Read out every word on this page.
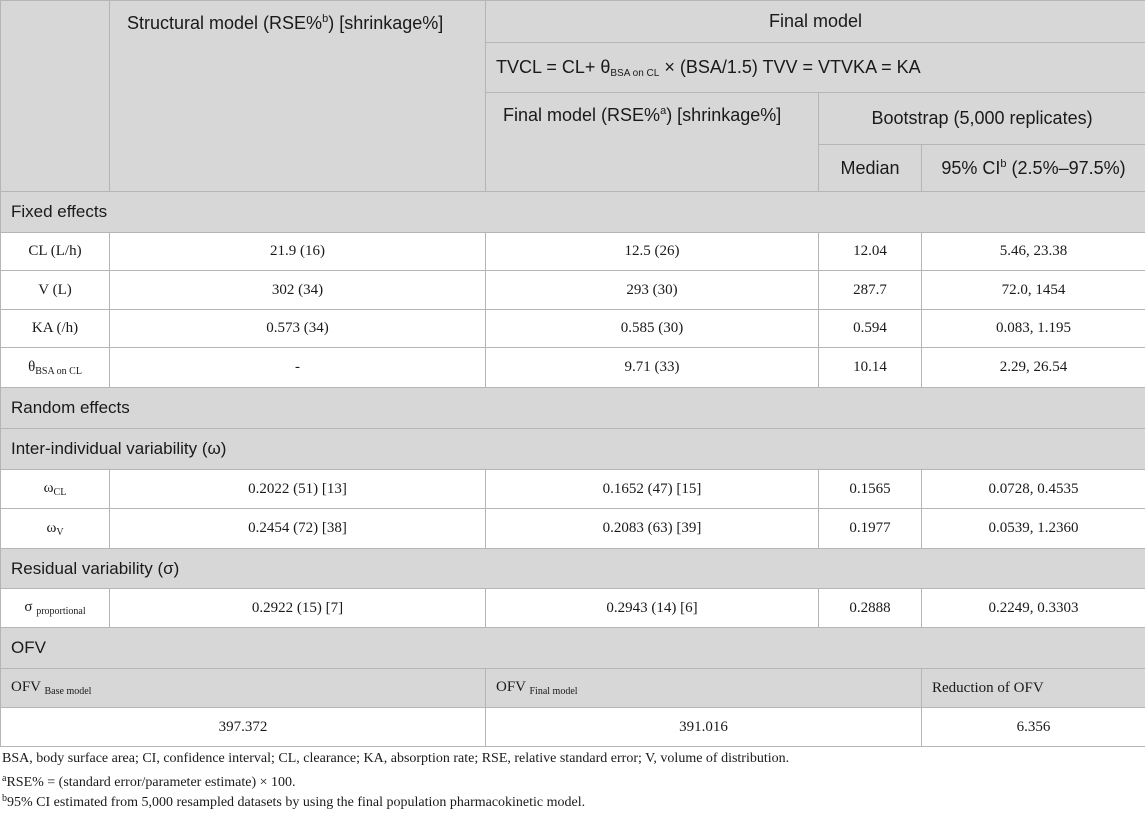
	Structural model (RSE%$^b$) [shrinkage%]	Final model		
		TVCL = $CL+ \theta_{BSA on CL} \times (BSA/1.5)$ TVV = VTVKA = KA		
		Final model (RSE%$^a$) [shrinkage%]	Bootstrap (5,000 replicates)	
			Median	95% $CI^b$ (2.5%–97.5%)
Fixed effects				
CL (L/h)	21.9 (16)	12.5 (26)	12.04	5.46, 23.38
V (L)	302 (34)	293 (30)	287.7	72.0, 1454
KA (/h)	0.573 (34)	0.585 (30)	0.594	0.083, 1.195
$\theta_{BSA on CL}$	-	9.71 (33)	10.14	2.29, 26.54
Random effects				
Inter-individual variability (ω)				
$\omega_{CL}$	0.2022 (51) [13]	0.1652 (47) [15]	0.1565	0.0728, 0.4535
$\omega_V$	0.2454 (72) [38]	0.2083 (63) [39]	0.1977	0.0539, 1.2360
Residual variability (σ)				
σ $_{proportional}$	0.2922 (15) [7]	0.2943 (14) [6]	0.2888	0.2249, 0.3303
OFV				
OFV $_{Base model}$		OFV $_{Final model}$		Reduction of OFV
397.372		391.016		6.356

BSA, body surface area; CI, confidence interval; CL, clearance; KA, absorption rate; RSE, relative standard error; V, volume of distribution.

$^a$RSE% = (standard error/parameter estimate) × 100.

$^b$95% CI estimated from 5,000 resampled datasets by using the final population pharmacokinetic model.
